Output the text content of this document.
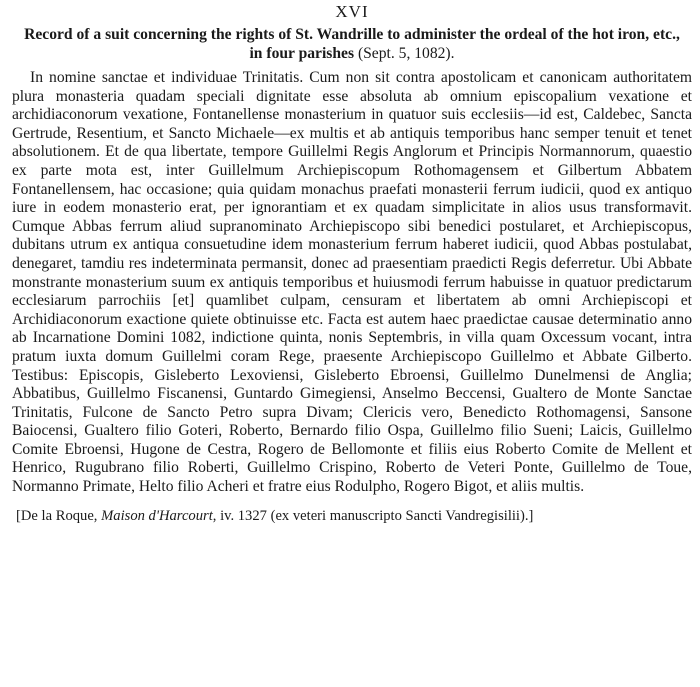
XVI
Record of a suit concerning the rights of St. Wandrille to administer the ordeal of the hot iron, etc., in four parishes (Sept. 5, 1082).

In nomine sanctae et individuae Trinitatis. Cum non sit contra apostolicam et canonicam authoritatem plura monasteria quadam speciali dignitate esse absoluta ab omnium episcopalium vexatione et archidiaconorum vexatione, Fontanellense monasterium in quatuor suis ecclesiis—id est, Caldebec, Sancta Gertrude, Resentium, et Sancto Michaele—ex multis et ab antiquis temporibus hanc semper tenuit et tenet absolutionem. Et de qua libertate, tempore Guillelmi Regis Anglorum et Principis Normannorum, quaestio ex parte mota est, inter Guillelmum Archiepiscopum Rothomagensem et Gilbertum Abbatem Fontanellensem, hac occasione; quia quidam monachus praefati monasterii ferrum iudicii, quod ex antiquo iure in eodem monasterio erat, per ignorantiam et ex quadam simplicitate in alios usus transformavit. Cumque Abbas ferrum aliud supranominato Archiepiscopo sibi benedici postularet, et Archiepiscopus, dubitans utrum ex antiqua consuetudine idem monasterium ferrum haberet iudicii, quod Abbas postulabat, denegaret, tamdiu res indeterminata permansit, donec ad praesentiam praedicti Regis deferretur. Ubi Abbate monstrante monasterium suum ex antiquis temporibus et huiusmodi ferrum habuisse in quatuor predictarum ecclesiarum parrochiis [et] quamlibet culpam, censuram et libertatem ab omni Archiepiscopi et Archidiaconorum exactione quiete obtinuisse etc. Facta est autem haec praedictae causae determinatio anno ab Incarnatione Domini 1082, indictione quinta, nonis Septembris, in villa quam Oxcessum vocant, intra pratum iuxta domum Guillelmi coram Rege, praesente Archiepiscopo Guillelmo et Abbate Gilberto. Testibus: Episcopis, Gisleberto Lexoviensi, Gisleberto Ebroensi, Guillelmo Dunelmensi de Anglia; Abbatibus, Guillelmo Fiscanensi, Guntardo Gimegiensi, Anselmo Beccensi, Gualtero de Monte Sanctae Trinitatis, Fulcone de Sancto Petro supra Divam; Clericis vero, Benedicto Rothomagensi, Sansone Baiocensi, Gualtero filio Goteri, Roberto, Bernardo filio Ospa, Guillelmo filio Sueni; Laicis, Guillelmo Comite Ebroensi, Hugone de Cestra, Rogero de Bellomonte et filiis eius Roberto Comite de Mellent et Henrico, Rugubrano filio Roberti, Guillelmo Crispino, Roberto de Veteri Ponte, Guillelmo de Toue, Normanno Primate, Helto filio Acheri et fratre eius Rodulpho, Rogero Bigot, et aliis multis.

[De la Roque, Maison d'Harcourt, iv. 1327 (ex veteri manuscripto Sancti Vandregisilii).]
